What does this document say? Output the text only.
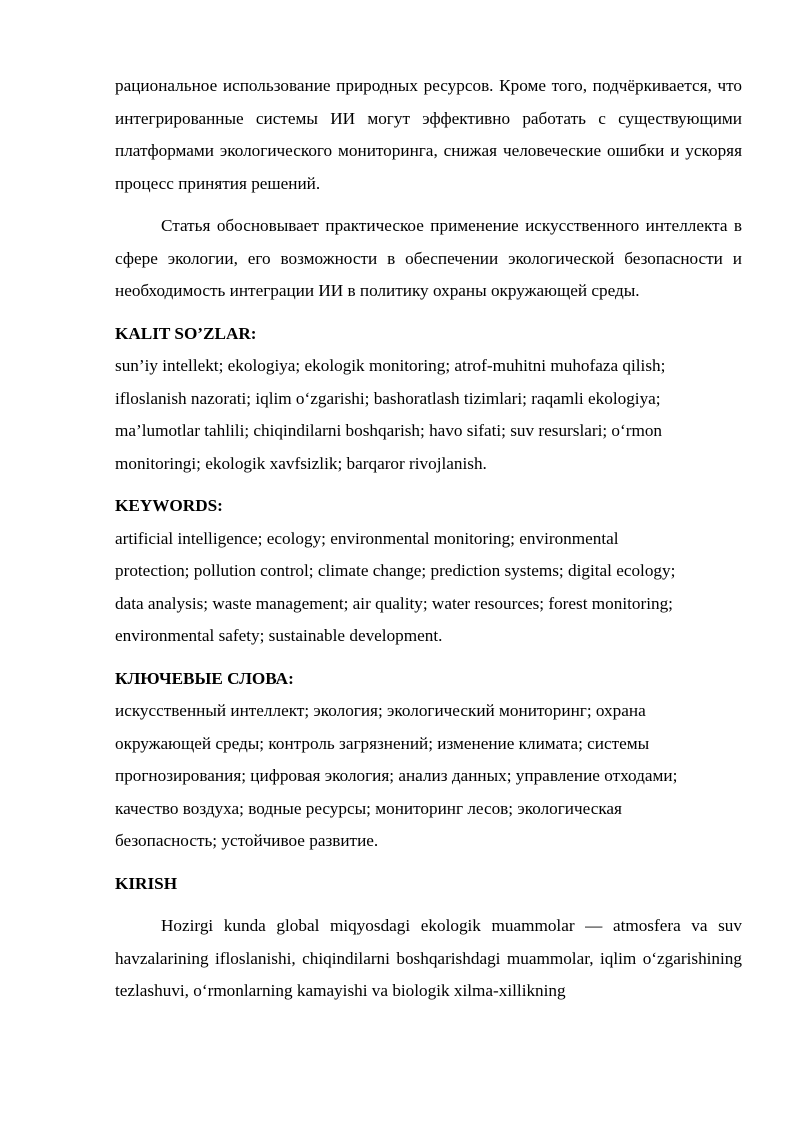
рациональное использование природных ресурсов. Кроме того, подчёркивается, что интегрированные системы ИИ могут эффективно работать с существующими платформами экологического мониторинга, снижая человеческие ошибки и ускоряя процесс принятия решений.

Статья обосновывает практическое применение искусственного интеллекта в сфере экологии, его возможности в обеспечении экологической безопасности и необходимость интеграции ИИ в политику охраны окружающей среды.

KALIT SO’ZLAR:

sun’iy intellekt; ekologiya; ekologik monitoring; atrof-muhitni muhofaza qilish;
ifloslanish nazorati; iqlim o‘zgarishi; bashoratlash tizimlari; raqamli ekologiya;
ma’lumotlar tahlili; chiqindilarni boshqarish; havo sifati; suv resurslari; o‘rmon
monitoringi; ekologik xavfsizlik; barqaror rivojlanish.

KEYWORDS:

artificial intelligence; ecology; environmental monitoring; environmental
protection; pollution control; climate change; prediction systems; digital ecology;
data analysis; waste management; air quality; water resources; forest monitoring;
environmental safety; sustainable development.

КЛЮЧЕВЫЕ СЛОВА:

искусственный интеллект; экология; экологический мониторинг; охрана
окружающей среды; контроль загрязнений; изменение климата; системы
прогнозирования; цифровая экология; анализ данных; управление отходами;
качество воздуха; водные ресурсы; мониторинг лесов; экологическая
безопасность; устойчивое развитие.

KIRISH

Hozirgi kunda global miqyosdagi ekologik muammolar — atmosfera va suv havzalarining ifloslanishi, chiqindilarni boshqarishdagi muammolar, iqlim o‘zgarishining tezlashuvi, o‘rmonlarning kamayishi va biologik xilma-xillikning
